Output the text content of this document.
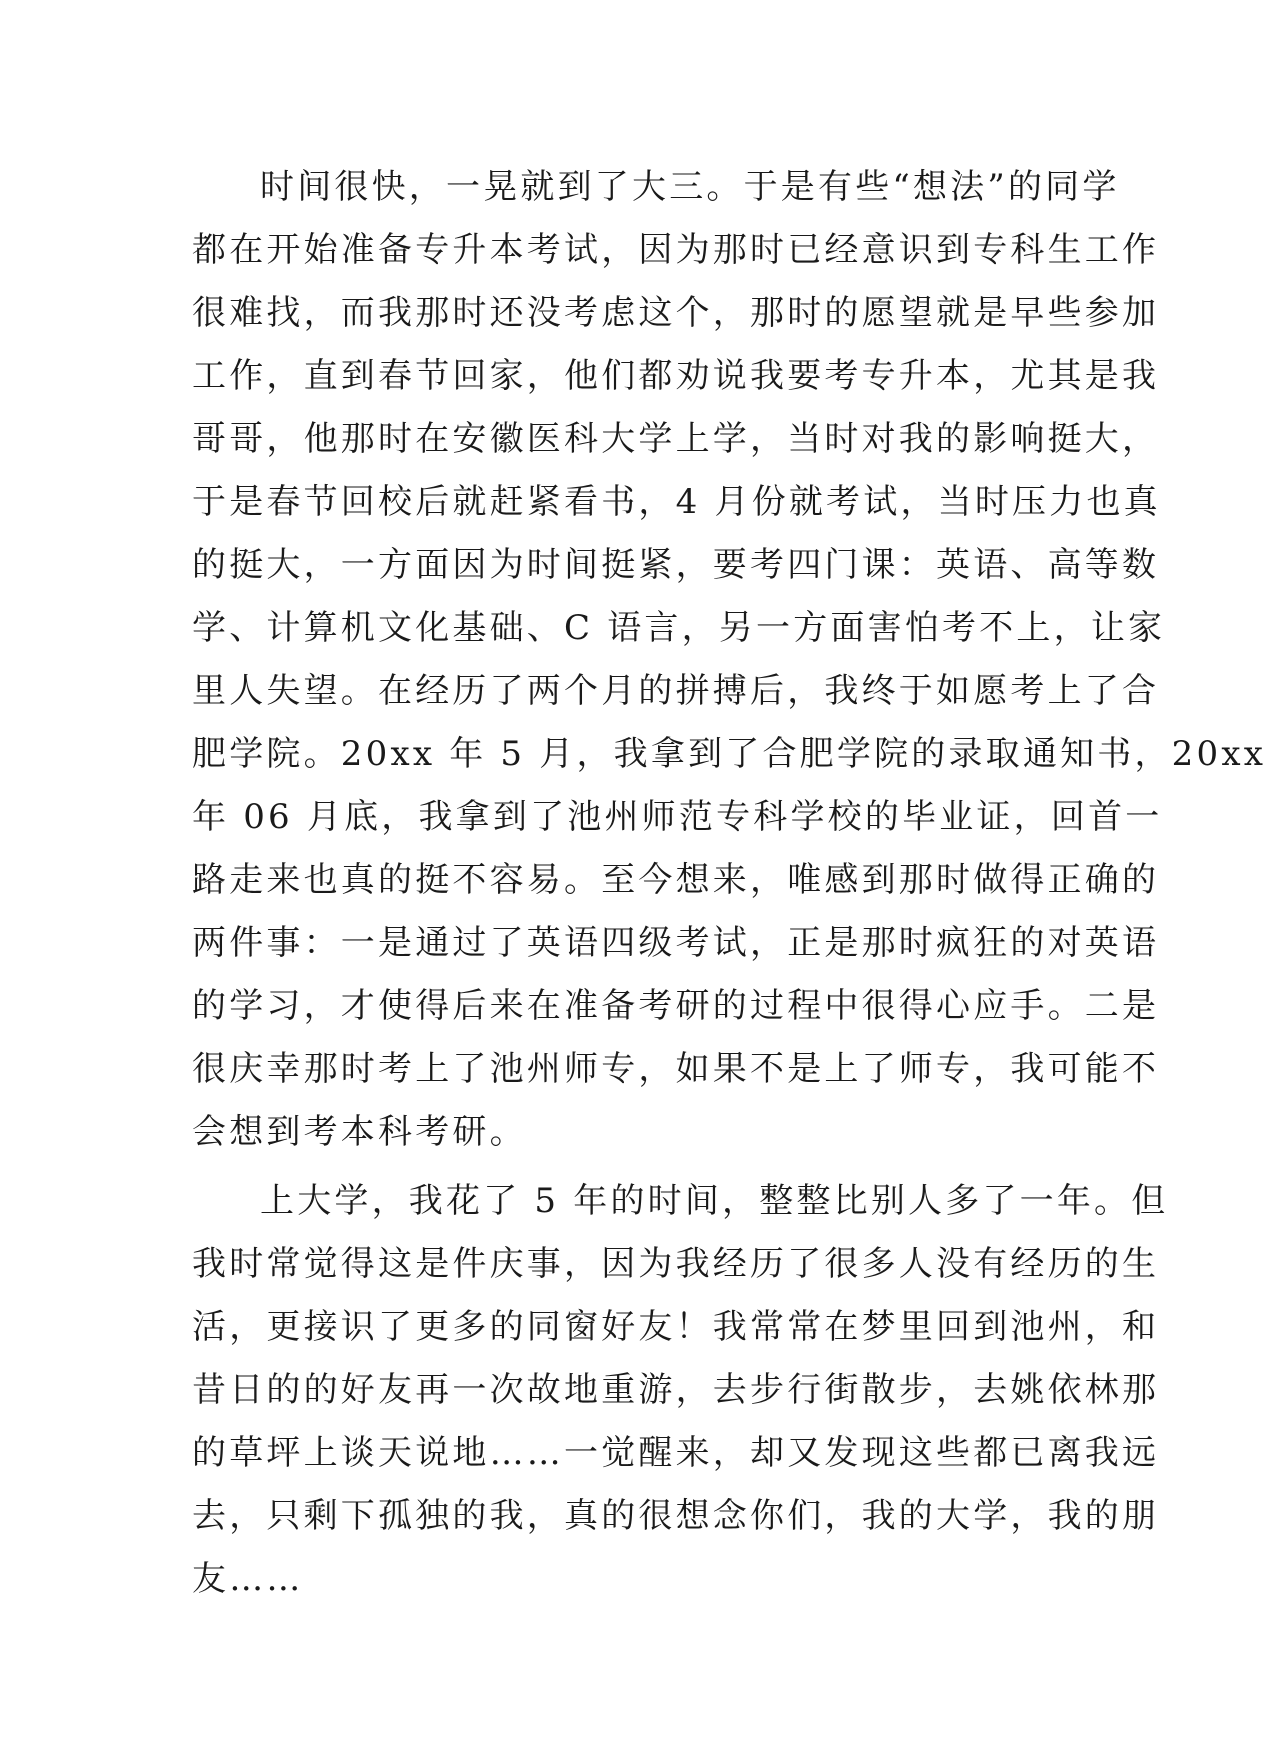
时间很快，一晃就到了大三。于是有些“想法”的同学
都在开始准备专升本考试，因为那时已经意识到专科生工作
很难找，而我那时还没考虑这个，那时的愿望就是早些参加
工作，直到春节回家，他们都劝说我要考专升本，尤其是我
哥哥，他那时在安徽医科大学上学，当时对我的影响挺大，
于是春节回校后就赶紧看书，4 月份就考试，当时压力也真
的挺大，一方面因为时间挺紧，要考四门课：英语、高等数
学、计算机文化基础、C 语言，另一方面害怕考不上，让家
里人失望。在经历了两个月的拼搏后，我终于如愿考上了合
肥学院。20xx 年 5 月，我拿到了合肥学院的录取通知书，20xx
年 06 月底，我拿到了池州师范专科学校的毕业证，回首一
路走来也真的挺不容易。至今想来，唯感到那时做得正确的
两件事：一是通过了英语四级考试，正是那时疯狂的对英语
的学习，才使得后来在准备考研的过程中很得心应手。二是
很庆幸那时考上了池州师专，如果不是上了师专，我可能不
会想到考本科考研。
上大学，我花了 5 年的时间，整整比别人多了一年。但
我时常觉得这是件庆事，因为我经历了很多人没有经历的生
活，更接识了更多的同窗好友！我常常在梦里回到池州，和
昔日的的好友再一次故地重游，去步行街散步，去姚依林那
的草坪上谈天说地……一觉醒来，却又发现这些都已离我远
去，只剩下孤独的我，真的很想念你们，我的大学，我的朋
友……
